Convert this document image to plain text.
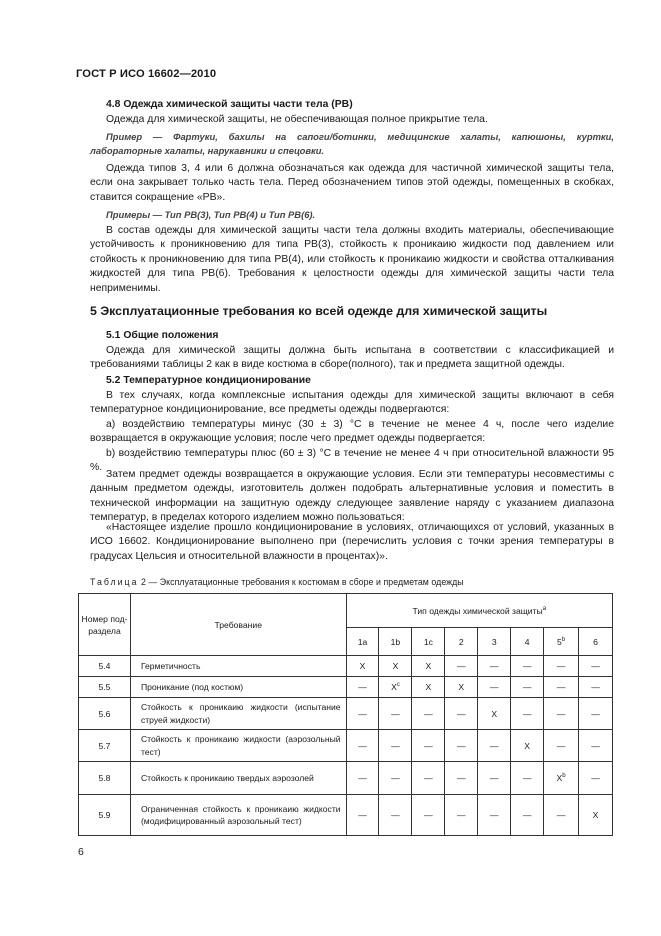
ГОСТ Р ИСО 16602—2010

4.8 Одежда химической защиты части тела (PB)

Одежда для химической защиты, не обеспечивающая полное прикрытие тела.

Пример — Фартуки, бахилы на сапоги/ботинки, медицинские халаты, капюшоны, куртки, лабораторные халаты, нарукавники и спецовки.

Одежда типов 3, 4 или 6 должна обозначаться как одежда для частичной химической защиты тела, если она закрывает только часть тела. Перед обозначением типов этой одежды, помещенных в скобках, ставится сокращение «PB».

Примеры — Тип PB(3), Тип PB(4) и Тип PB(6).

В состав одежды для химической защиты части тела должны входить материалы, обеспечивающие устойчивость к проникновению для типа PB(3), стойкость к проникаию жидкости под давлением или стойкость к проникновению для типа PB(4), или стойкость к проникаию жидкости и свойства отталкивания жидкостей для типа PB(6). Требования к целостности одежды для химической защиты части тела неприменимы.

5 Эксплуатационные требования ко всей одежде для химической защиты

5.1 Общие положения

Одежда для химической защиты должна быть испытана в соответствии с классификацией и требованиями таблицы 2 как в виде костюма в сборе(полного), так и предмета защитной одежды.

5.2 Температурное кондиционирование

В тех случаях, когда комплексные испытания одежды для химической защиты включают в себя температурное кондиционирование, все предметы одежды подвергаются:

a) воздействию температуры минус (30 ± 3) °С в течение не менее 4 ч, после чего изделие возвращается в окружающие условия; после чего предмет одежды подвергается:

b) воздействию температуры плюс (60 ± 3) °С в течение не менее 4 ч при относительной влажности 95 %.

Затем предмет одежды возвращается в окружающие условия. Если эти температуры несовместимы с данным предметом одежды, изготовитель должен подобрать альтернативные условия и поместить в технической информации на защитную одежду следующее заявление наряду с указанием диапазона температур, в пределах которого изделием можно пользоваться:

«Настоящее изделие прошло кондиционирование в условиях, отличающихся от условий, указанных в ИСО 16602. Кондиционирование выполнено при (перечислить условия с точки зрения температуры в градусах Цельсия и относительной влажности в процентах)».

Таблица 2 — Эксплуатационные требования к костюмам в сборе и предметам одежды
Номер под-раздела	Требование	Тип одежды химической защиты$^a$
		1a	1b	1c	2	3	4	5$^b$	6
5.4	Герметичность	X	X	X	—	—	—	—	—
5.5	Проникание (под костюм)	—	$X^c$	X	X	—	—	—	—
5.6	Стойкость к проникаию жидкости (испытание струей жидкости)	—	—	—	—	X	—	—	—
5.7	Стойкость к проникаию жидкости (аэрозольный тест)	—	—	—	—	—	X	—	—
5.8	Стойкость к проникаию твердых аэрозолей	—	—	—	—	—	—	$X^b$	—
5.9	Ограниченная стойкость к проникаию жидкости (модифицированный аэрозольный тест)	—	—	—	—	—	—	—	X
6
